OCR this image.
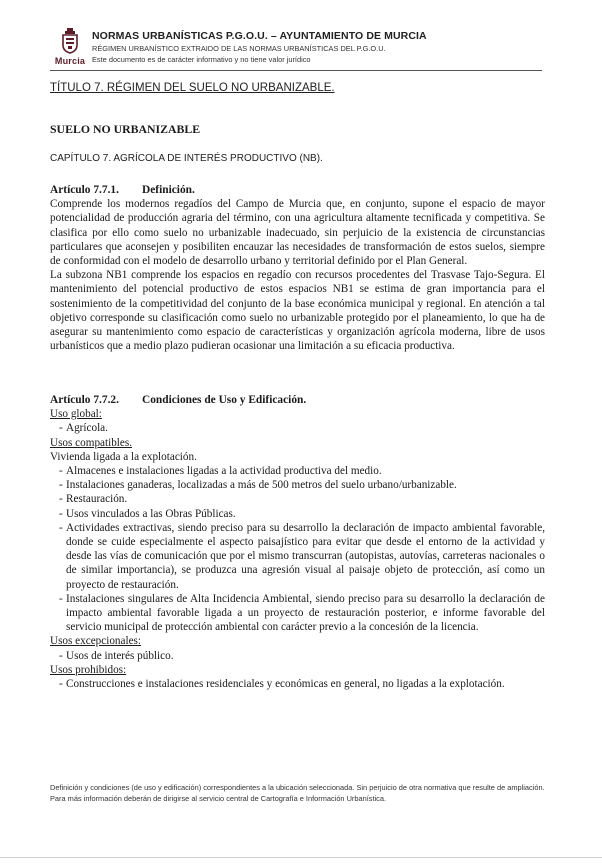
Murcia
NORMAS URBANÍSTICAS P.G.O.U. – AYUNTAMIENTO DE MURCIA
RÉGIMEN URBANÍSTICO EXTRAIDO DE LAS NORMAS URBANÍSTICAS DEL P.G.O.U.
Este documento es de carácter informativo y no tiene valor jurídico
TÍTULO 7. RÉGIMEN DEL SUELO NO URBANIZABLE.
SUELO NO URBANIZABLE
CAPÍTULO 7. AGRÍCOLA DE INTERÉS PRODUCTIVO (NB).
Artículo 7.7.1. Definición.

Comprende los modernos regadíos del Campo de Murcia que, en conjunto, supone el espacio de mayor potencialidad de producción agraria del término, con una agricultura altamente tecnificada y competitiva. Se clasifica por ello como suelo no urbanizable inadecuado, sin perjuicio de la existencia de circunstancias particulares que aconsejen y posibiliten encauzar las necesidades de transformación de estos suelos, siempre de conformidad con el modelo de desarrollo urbano y territorial definido por el Plan General.

La subzona NB1 comprende los espacios en regadío con recursos procedentes del Trasvase Tajo-Segura. El mantenimiento del potencial productivo de estos espacios NB1 se estima de gran importancia para el sostenimiento de la competitividad del conjunto de la base económica municipal y regional. En atención a tal objetivo corresponde su clasificación como suelo no urbanizable protegido por el planeamiento, lo que ha de asegurar su mantenimiento como espacio de características y organización agrícola moderna, libre de usos urbanísticos que a medio plazo pudieran ocasionar una limitación a su eficacia productiva.

Artículo 7.7.2. Condiciones de Uso y Edificación.
Uso global:
- Agrícola.
Usos compatibles.
Vivienda ligada a la explotación.
- Almacenes e instalaciones ligadas a la actividad productiva del medio.
- Instalaciones ganaderas, localizadas a más de 500 metros del suelo urbano/urbanizable.
- Restauración.
- Usos vinculados a las Obras Públicas.
- Actividades extractivas, siendo preciso para su desarrollo la declaración de impacto ambiental favorable, donde se cuide especialmente el aspecto paisajístico para evitar que desde el entorno de la actividad y desde las vías de comunicación que por el mismo transcurran (autopistas, autovías, carreteras nacionales o de similar importancia), se produzca una agresión visual al paisaje objeto de protección, así como un proyecto de restauración.
- Instalaciones singulares de Alta Incidencia Ambiental, siendo preciso para su desarrollo la declaración de impacto ambiental favorable ligada a un proyecto de restauración posterior, e informe favorable del servicio municipal de protección ambiental con carácter previo a la concesión de la licencia.
Usos excepcionales:
- Usos de interés público.
Usos prohibidos:
- Construcciones e instalaciones residenciales y económicas en general, no ligadas a la explotación.
Definición y condiciones (de uso y edificación) correspondientes a la ubicación seleccionada. Sin perjuicio de otra normativa que resulte de ampliación. Para más información deberán de dirigirse al servicio central de Cartografía e Información Urbanística.
